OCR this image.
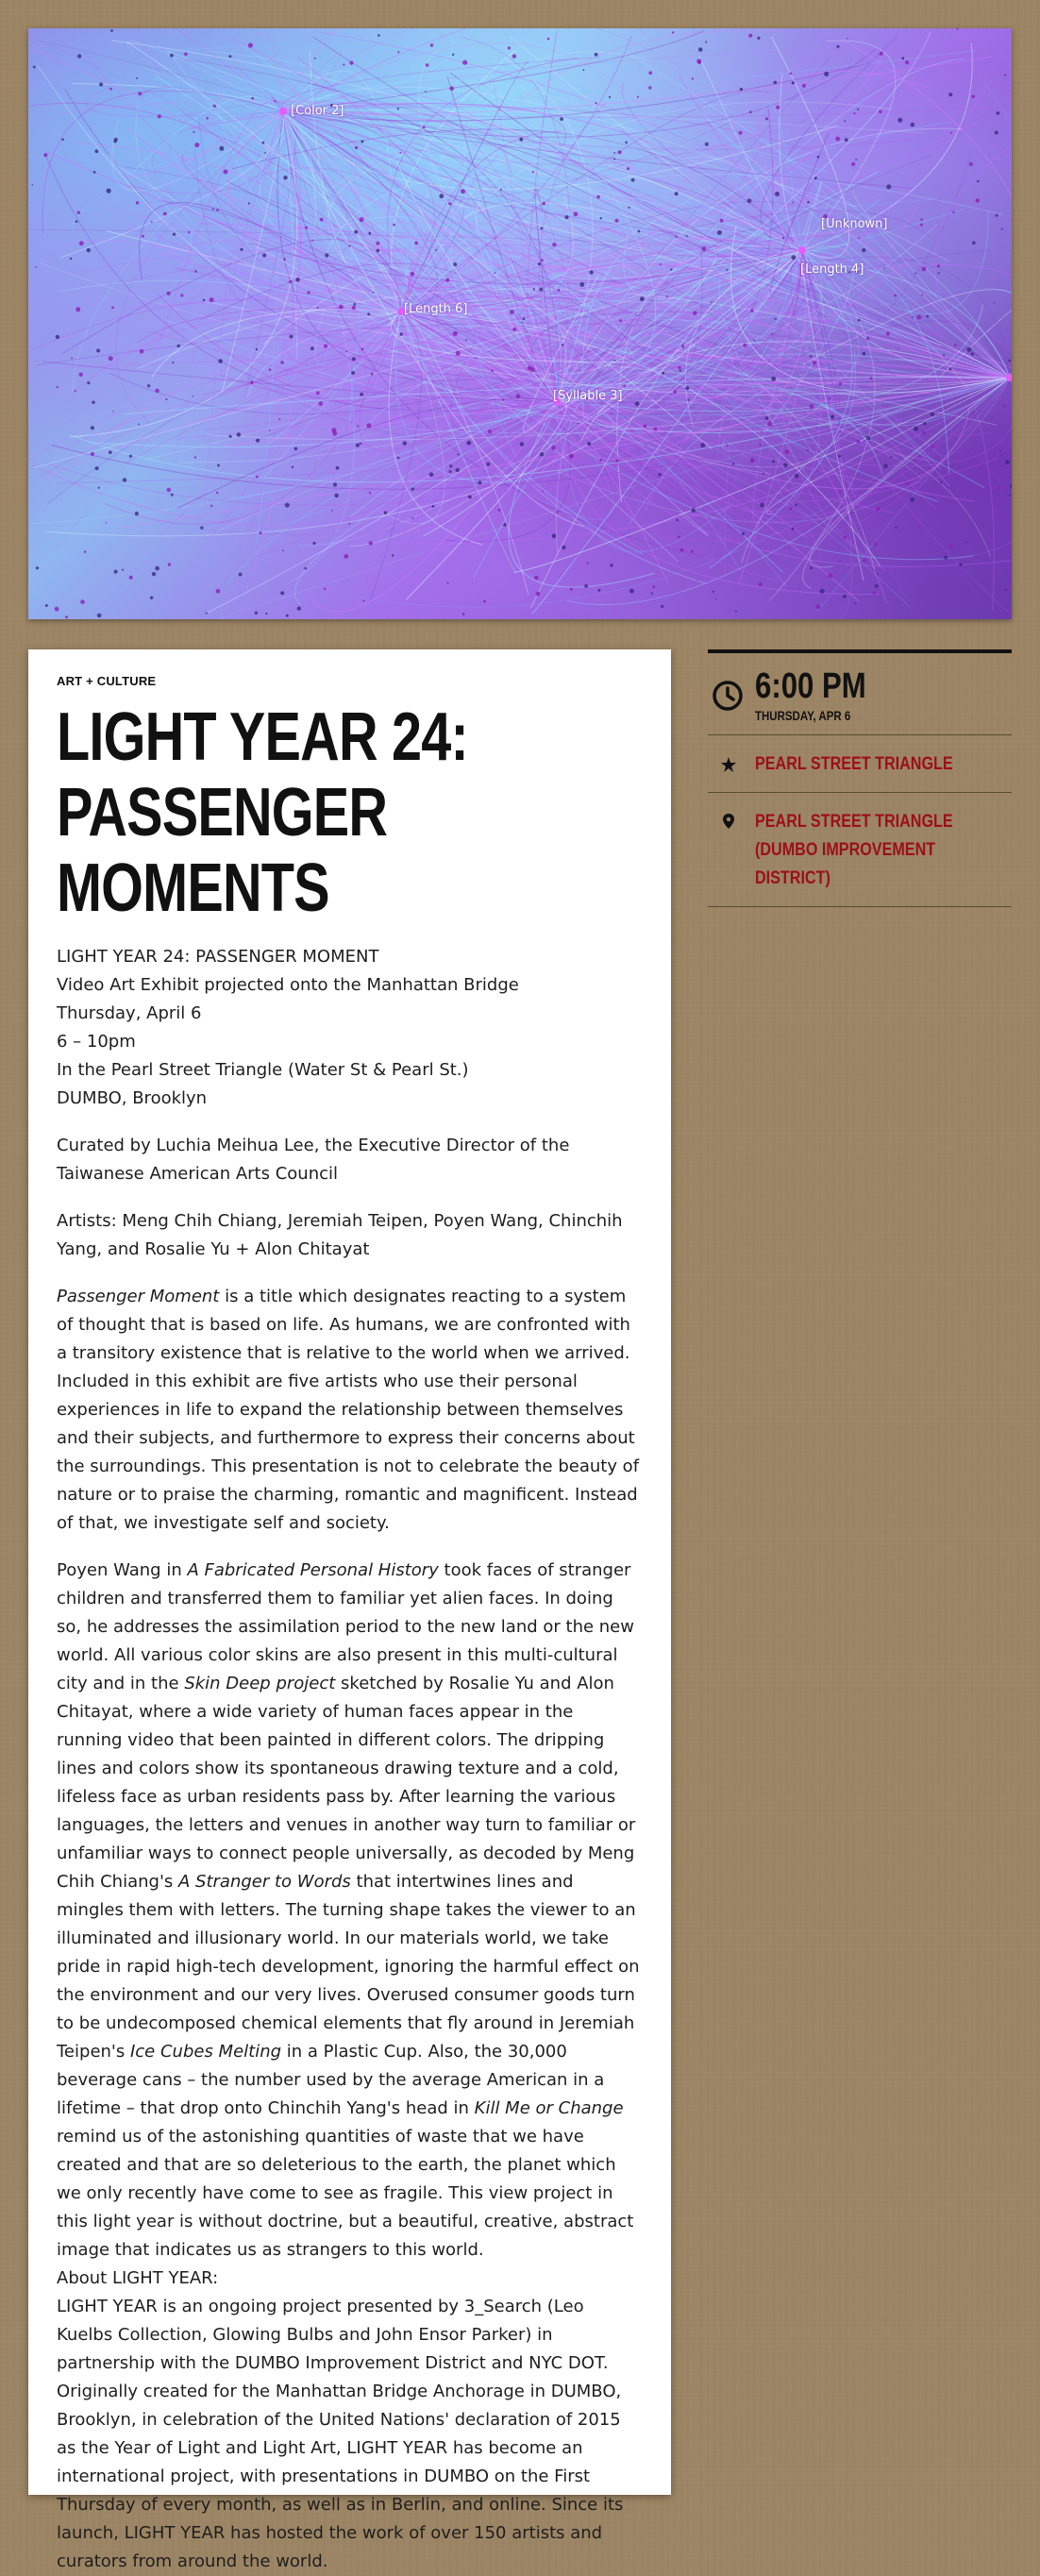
[Color 2]
[Unknown]
[Length 4]
[Length 6]
[Syllable 3]
ART + CULTURE
LIGHT YEAR 24:
PASSENGER MOMENTS

LIGHT YEAR 24: PASSENGER MOMENT
Video Art Exhibit projected onto the Manhattan Bridge
Thursday, April 6
6 – 10pm
In the Pearl Street Triangle (Water St & Pearl St.)
DUMBO, Brooklyn

Curated by Luchia Meihua Lee, the Executive Director of the Taiwanese American Arts Council

Artists: Meng Chih Chiang, Jeremiah Teipen, Poyen Wang, Chinchih Yang, and Rosalie Yu + Alon Chitayat

Passenger Moment is a title which designates reacting to a system of thought that is based on life. As humans, we are confronted with a transitory existence that is relative to the world when we arrived. Included in this exhibit are five artists who use their personal experiences in life to expand the relationship between themselves and their subjects, and furthermore to express their concerns about the surroundings. This presentation is not to celebrate the beauty of nature or to praise the charming, romantic and magnificent. Instead of that, we investigate self and society.

Poyen Wang in A Fabricated Personal History took faces of stranger children and transferred them to familiar yet alien faces. In doing so, he addresses the assimilation period to the new land or the new world. All various color skins are also present in this multi-cultural city and in the Skin Deep project sketched by Rosalie Yu and Alon Chitayat, where a wide variety of human faces appear in the running video that been painted in different colors. The dripping lines and colors show its spontaneous drawing texture and a cold, lifeless face as urban residents pass by. After learning the various languages, the letters and venues in another way turn to familiar or unfamiliar ways to connect people universally, as decoded by Meng Chih Chiang's A Stranger to Words that intertwines lines and mingles them with letters. The turning shape takes the viewer to an illuminated and illusionary world. In our materials world, we take pride in rapid high-tech development, ignoring the harmful effect on the environment and our very lives. Overused consumer goods turn to be undecomposed chemical elements that fly around in Jeremiah Teipen's Ice Cubes Melting in a Plastic Cup. Also, the 30,000 beverage cans – the number used by the average American in a lifetime – that drop onto Chinchih Yang's head in Kill Me or Change remind us of the astonishing quantities of waste that we have created and that are so deleterious to the earth, the planet which we only recently have come to see as fragile. This view project in this light year is without doctrine, but a beautiful, creative, abstract image that indicates us as strangers to this world.

About LIGHT YEAR:

LIGHT YEAR is an ongoing project presented by 3_Search (Leo Kuelbs Collection, Glowing Bulbs and John Ensor Parker) in partnership with the DUMBO Improvement District and NYC DOT. Originally created for the Manhattan Bridge Anchorage in DUMBO, Brooklyn, in celebration of the United Nations' declaration of 2015 as the Year of Light and Light Art, LIGHT YEAR has become an international project, with presentations in DUMBO on the First Thursday of every month, as well as in Berlin, and online. Since its launch, LIGHT YEAR has hosted the work of over 150 artists and curators from around the world.

6:00 PM
THURSDAY, APR 6
PEARL STREET TRIANGLE
PEARL STREET TRIANGLE (DUMBO IMPROVEMENT DISTRICT)
